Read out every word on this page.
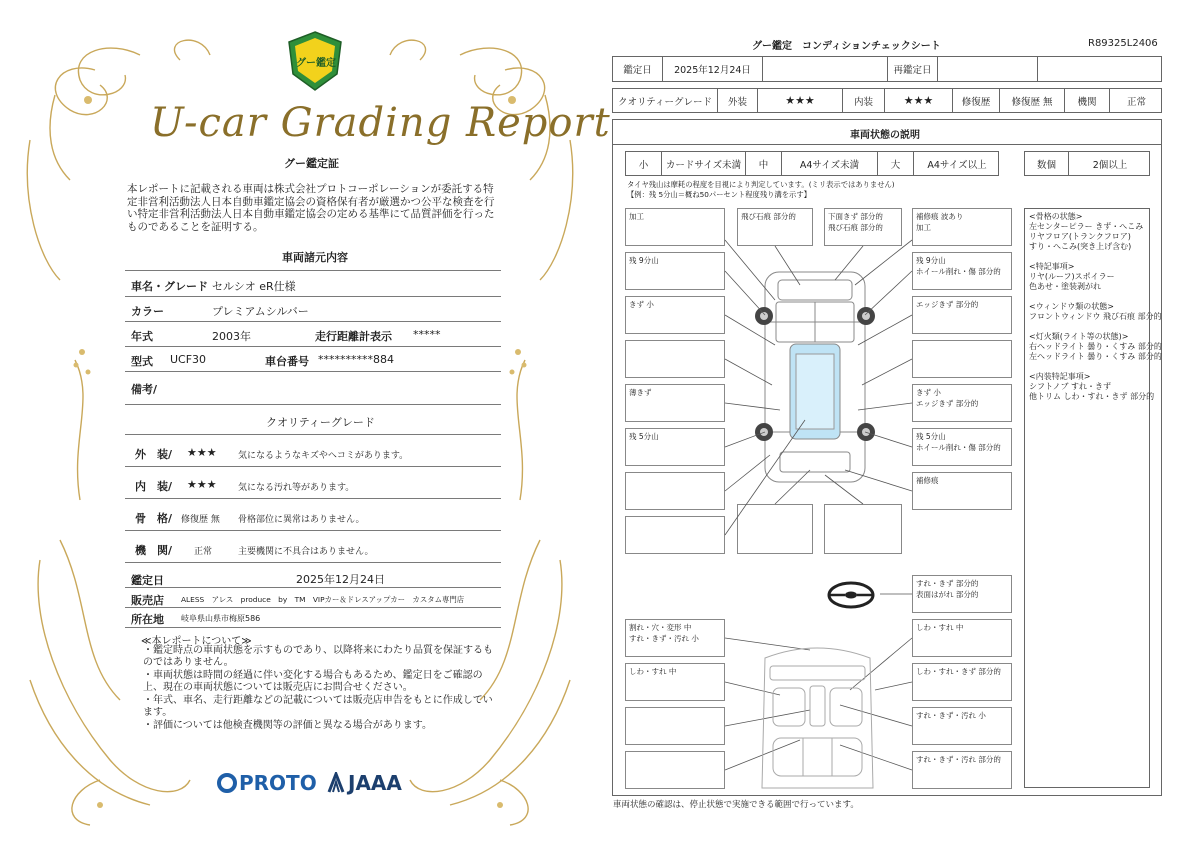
グー鑑定
U-car Grading Report
グー鑑定証
本レポートに記載される車両は株式会社プロトコーポレーションが委託する特定非営利活動法人日本自動車鑑定協会の資格保有者が厳選かつ公平な検査を行い特定非営利活動法人日本自動車鑑定協会の定める基準にて品質評価を行ったものであることを証明する。
車両諸元内容
車名・グレード セルシオ eR仕様
カラー	プレミアムシルバー
年式	2003年	走行距離計表示 *****
型式 UCF30	車台番号 **********884
備考/
クオリティーグレード
外　装/ ★★★ 気になるようなキズやヘコミがあります。
内　装/ ★★★ 気になる汚れ等があります。
骨　格/ 修復歴 無 骨格部位に異常はありません。
機　関/ 正常	主要機関に不具合はありません。
鑑定日	2025年12月24日
販売店 ALESS　アレス　produce　by　TM　VIPカー＆ドレスアップカー　カスタム専門店
所在地 岐阜県山県市梅原586
≪本レポートについて≫
・鑑定時点の車両状態を示すものであり、以降将来にわたり品質を保証するものではありません。
・車両状態は時間の経過に伴い変化する場合もあるため、鑑定日をご確認の上、現在の車両状態については販売店にお問合せください。
・年式、車名、走行距離などの記載については販売店申告をもとに作成しています。
・評価については他検査機関等の評価と異なる場合があります。
PROTO JAAA
グー鑑定　コンディションチェックシート	R89325L2406
鑑定日	2025年12月24日	再鑑定日
クオリティーグレード	外装	★★★	内装	★★★	修復歴	修復歴 無	機関	正常
車両状態の説明
小	カードサイズ未満	中	A4サイズ未満	大	A4サイズ以上	数個	2個以上
タイヤ残山は摩耗の程度を目視により判定しています。(ミリ表示ではありません)
【例：残 5分山＝概ね50パーセント程度残り溝を示す】
加工	飛び石痕 部分的	下面きず 部分的
飛び石痕 部分的
補修痕 波あり
加工
残 9分山	残 9分山
ホイール削れ・傷 部分的
きず 小	エッジきず 部分的
薄きず	きず 小
エッジきず 部分的
残 5分山	残 5分山
ホイール削れ・傷 部分的
補修痕
すれ・きず 部分的
表面はがれ 部分的
割れ・穴・変形 中
すれ・きず・汚れ 小
しわ・すれ 中
しわ・すれ 中	しわ・すれ・きず 部分的
すれ・きず・汚れ 小
すれ・きず・汚れ 部分的
<骨格の状態>
左センターピラー きず・へこみ
リヤフロア(トランクフロア)
すり・へこみ(突き上げ含む)
<特記事項>
リヤ(ルーフ)スポイラー
色あせ・塗装剥がれ
<ウィンドウ類の状態>
フロントウィンドウ 飛び石痕 部分的
<灯火類(ライト等の状態)>
右ヘッドライト 曇り・くすみ 部分的
左ヘッドライト 曇り・くすみ 部分的
<内装特記事項>
シフトノブ すれ・きず
他トリム しわ・すれ・きず 部分的
車両状態の確認は、停止状態で実施できる範囲で行っています。
